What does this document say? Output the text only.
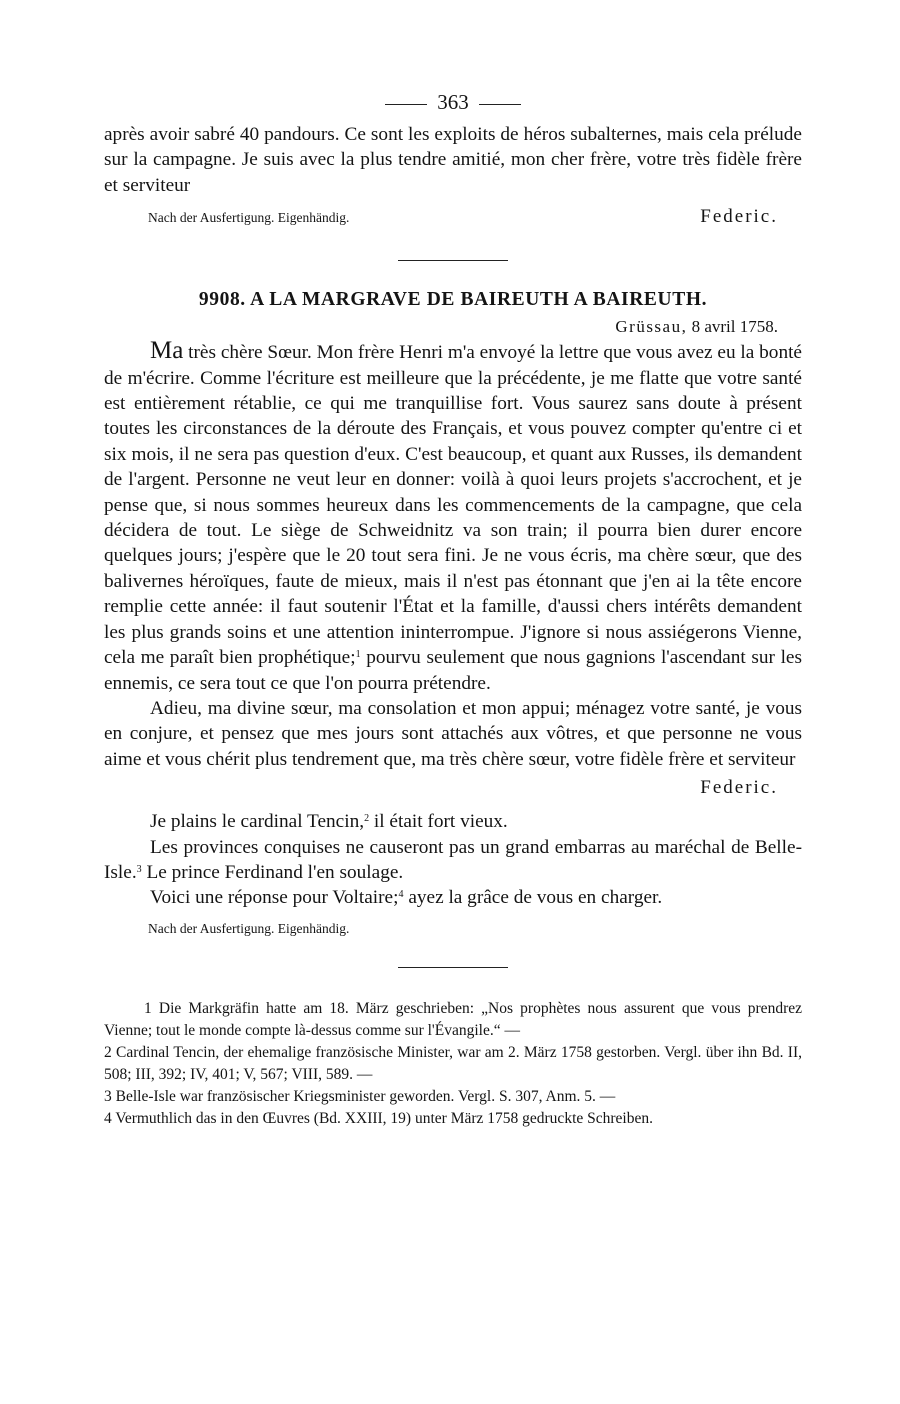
363

après avoir sabré 40 pandours. Ce sont les exploits de héros subalternes, mais cela prélude sur la campagne. Je suis avec la plus tendre amitié, mon cher frère, votre très fidèle frère et serviteur

Nach der Ausfertigung. Eigenhändig.	Federic.
9908. A LA MARGRAVE DE BAIREUTH A BAIREUTH.
Grüssau, 8 avril 1758.

Ma très chère Sœur. Mon frère Henri m'a envoyé la lettre que vous avez eu la bonté de m'écrire. Comme l'écriture est meilleure que la précédente, je me flatte que votre santé est entièrement rétablie, ce qui me tranquillise fort. Vous saurez sans doute à présent toutes les circonstances de la déroute des Français, et vous pouvez compter qu'entre ci et six mois, il ne sera pas question d'eux. C'est beaucoup, et quant aux Russes, ils demandent de l'argent. Personne ne veut leur en donner: voilà à quoi leurs projets s'accrochent, et je pense que, si nous sommes heureux dans les commencements de la campagne, que cela décidera de tout. Le siège de Schweidnitz va son train; il pourra bien durer encore quelques jours; j'espère que le 20 tout sera fini. Je ne vous écris, ma chère sœur, que des balivernes héroïques, faute de mieux, mais il n'est pas étonnant que j'en ai la tête encore remplie cette année: il faut soutenir l'État et la famille, d'aussi chers intérêts demandent les plus grands soins et une attention ininterrompue. J'ignore si nous assiégerons Vienne, cela me paraît bien prophétique;$^1$ pourvu seulement que nous gagnions l'ascendant sur les ennemis, ce sera tout ce que l'on pourra prétendre.

Adieu, ma divine sœur, ma consolation et mon appui; ménagez votre santé, je vous en conjure, et pensez que mes jours sont attachés aux vôtres, et que personne ne vous aime et vous chérit plus tendrement que, ma très chère sœur, votre fidèle frère et serviteur

Federic.

Je plains le cardinal Tencin,$^2$ il était fort vieux.

Les provinces conquises ne causeront pas un grand embarras au maréchal de Belle-Isle.$^3$ Le prince Ferdinand l'en soulage.

Voici une réponse pour Voltaire;$^4$ ayez la grâce de vous en charger.

Nach der Ausfertigung. Eigenhändig.

1 Die Markgräfin hatte am 18. März geschrieben: „Nos prophètes nous assurent que vous prendrez Vienne; tout le monde compte là-dessus comme sur l'Évangile.“ —

2 Cardinal Tencin, der ehemalige französische Minister, war am 2. März 1758 gestorben. Vergl. über ihn Bd. II, 508; III, 392; IV, 401; V, 567; VIII, 589. —

3 Belle-Isle war französischer Kriegsminister geworden. Vergl. S. 307, Anm. 5. —

4 Vermuthlich das in den Œuvres (Bd. XXIII, 19) unter März 1758 gedruckte Schreiben.
